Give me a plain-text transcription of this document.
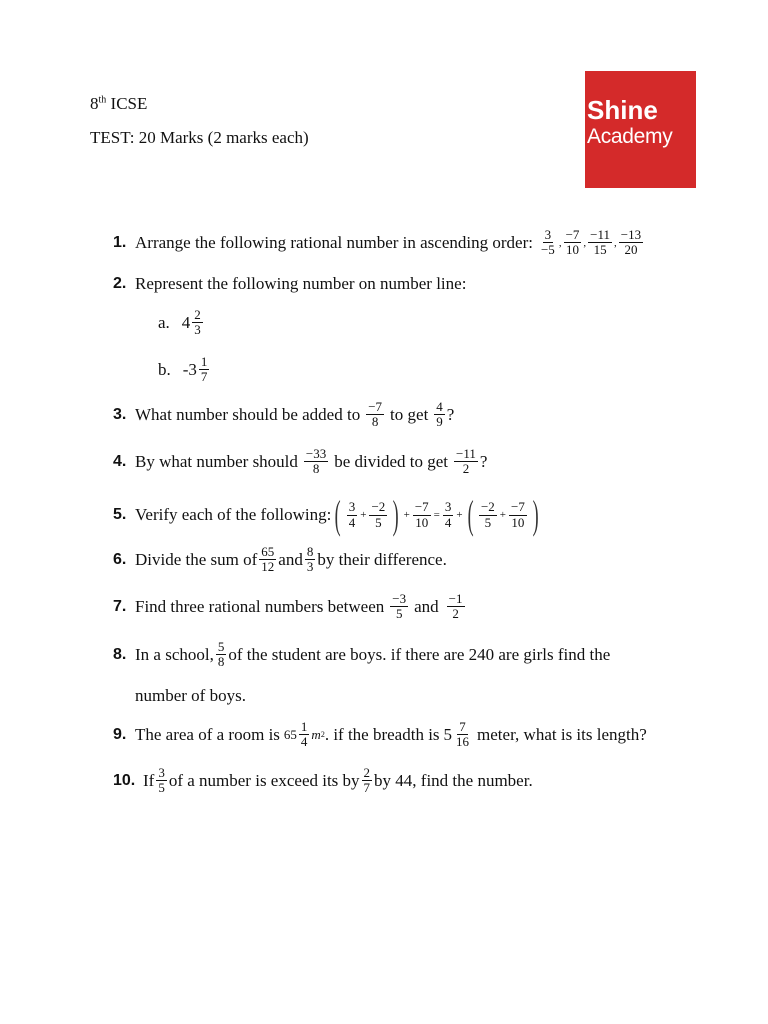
8th ICSE
TEST: 20 Marks (2 marks each)
Shine
Academy
1. Arrange the following rational number in ascending order: $\frac{3}{-5}$ , $\frac{-7}{10}$ , $\frac{-11}{15}$ , $\frac{-13}{20}$
2. Represent the following number on number line:
a. $4 \frac{2}{3}$
b. $-3 \frac{1}{7}$
3. What number should be added to $\frac{-7}{8}$ to get $\frac{4}{9}$ ?
4. By what number should $\frac{-33}{8}$ be divided to get $\frac{-11}{2}$ ?
5. Verify each of the following: ( $\frac{3}{4} + \frac{-2}{5}$ ) + $\frac{-7}{10} = \frac{3}{4}$ + ( $\frac{-2}{5} + \frac{-7}{10}$ )
6. Divide the sum of $\frac{65}{12}$ and $\frac{8}{3}$ by their difference.
7. Find three rational numbers between $\frac{-3}{5}$ and $\frac{-1}{2}$
8. In a school, $\frac{5}{8}$ of the student are boys. if there are 240 are girls find the
number of boys.
9. The area of a room is $65 \frac{1}{4}$ m 2 . if the breadth is $5 \frac{7}{16}$ meter, what is its length?
10. If $\frac{3}{5}$ of a number is exceed its by $\frac{2}{7}$ by 44, find the number.
